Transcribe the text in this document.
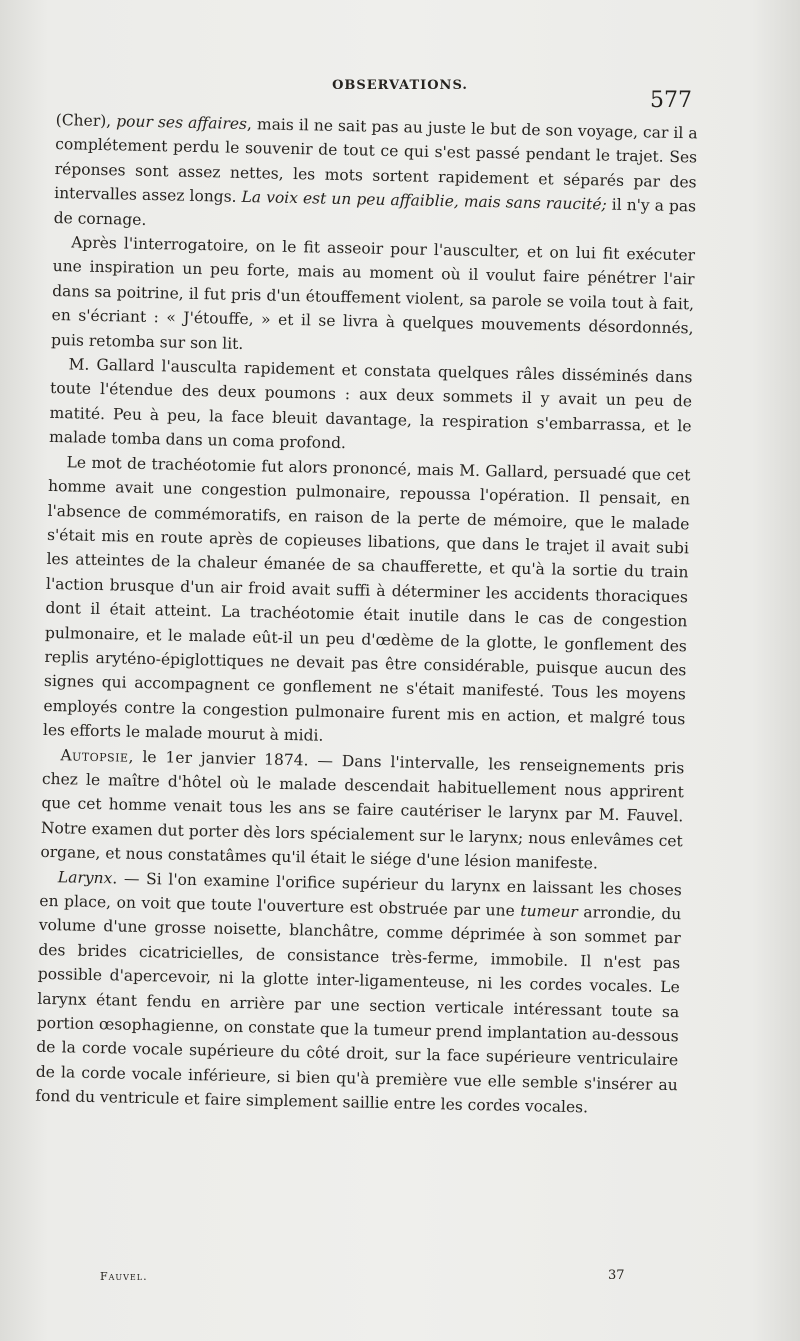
OBSERVATIONS.
577

(Cher), pour ses affaires, mais il ne sait pas au juste le but de son voyage, car il a complétement perdu le souvenir de tout ce qui s'est passé pendant le trajet. Ses réponses sont assez nettes, les mots sortent rapidement et séparés par des intervalles assez longs. La voix est un peu affaiblie, mais sans raucité; il n'y a pas de cornage.

Après l'interrogatoire, on le fit asseoir pour l'ausculter, et on lui fit exécuter une inspiration un peu forte, mais au moment où il voulut faire pénétrer l'air dans sa poitrine, il fut pris d'un étouffement violent, sa parole se voila tout à fait, en s'écriant : « J'étouffe, » et il se livra à quelques mouvements désordonnés, puis retomba sur son lit.

M. Gallard l'ausculta rapidement et constata quelques râles disséminés dans toute l'étendue des deux poumons : aux deux sommets il y avait un peu de matité. Peu à peu, la face bleuit davantage, la respiration s'embarrassa, et le malade tomba dans un coma profond.

Le mot de trachéotomie fut alors prononcé, mais M. Gallard, persuadé que cet homme avait une congestion pulmonaire, repoussa l'opération. Il pensait, en l'absence de commémoratifs, en raison de la perte de mémoire, que le malade s'était mis en route après de copieuses libations, que dans le trajet il avait subi les atteintes de la chaleur émanée de sa chaufferette, et qu'à la sortie du train l'action brusque d'un air froid avait suffi à déterminer les accidents thoraciques dont il était atteint. La trachéotomie était inutile dans le cas de congestion pulmonaire, et le malade eût-il un peu d'œdème de la glotte, le gonflement des replis aryténo-épiglottiques ne devait pas être considérable, puisque aucun des signes qui accompagnent ce gonflement ne s'était manifesté. Tous les moyens employés contre la congestion pulmonaire furent mis en action, et malgré tous les efforts le malade mourut à midi.

Autopsie, le 1er janvier 1874. — Dans l'intervalle, les renseignements pris chez le maître d'hôtel où le malade descendait habituellement nous apprirent que cet homme venait tous les ans se faire cautériser le larynx par M. Fauvel. Notre examen dut porter dès lors spécialement sur le larynx; nous enlevâmes cet organe, et nous constatâmes qu'il était le siége d'une lésion manifeste.

Larynx. — Si l'on examine l'orifice supérieur du larynx en laissant les choses en place, on voit que toute l'ouverture est obstruée par une tumeur arrondie, du volume d'une grosse noisette, blanchâtre, comme déprimée à son sommet par des brides cicatricielles, de consistance très-ferme, immobile. Il n'est pas possible d'apercevoir, ni la glotte inter-ligamenteuse, ni les cordes vocales. Le larynx étant fendu en arrière par une section verticale intéressant toute sa portion œsophagienne, on constate que la tumeur prend implantation au-dessous de la corde vocale supérieure du côté droit, sur la face supérieure ventriculaire de la corde vocale inférieure, si bien qu'à première vue elle semble s'insérer au fond du ventricule et faire simplement saillie entre les cordes vocales.

Fauvel.	37
